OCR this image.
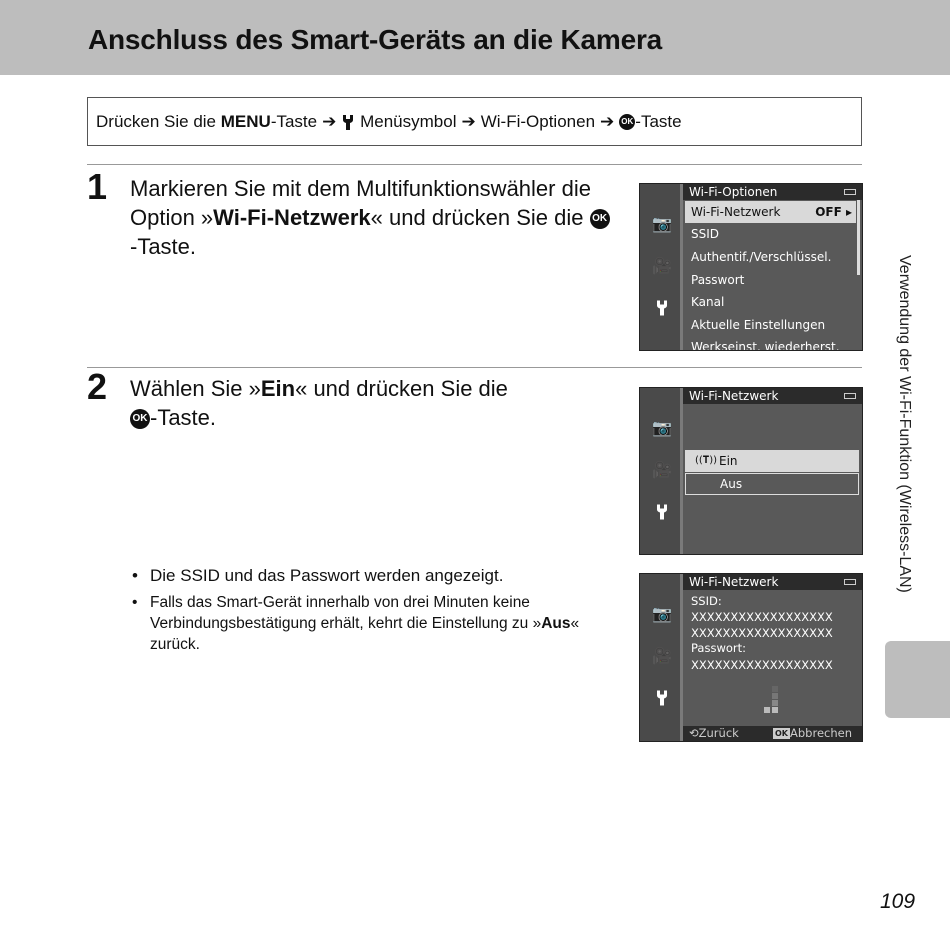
Anschluss des Smart-Geräts an die Kamera
Drücken Sie die
MENU -Taste ➔
Menüsymbol ➔ Wi-Fi-Optionen ➔ OK -Taste
1 Markieren Sie mit dem Multifunktionswähler die Option »Wi-Fi-Netzwerk« und drücken Sie die OK-Taste.
📷
🎥
Wi-Fi-Optionen
Wi-Fi-Netzwerk	OFF ▸
SSID
Authentif./Verschlüssel.
Passwort
Kanal
Aktuelle Einstellungen
Werkseinst. wiederherst.
2 Wählen Sie »Ein« und drücken Sie die
OK -Taste.	📷
🎥
Wi-Fi-Netzwerk
((𝐓)) Ein
Aus
• Die SSID und das Passwort werden angezeigt.
• Falls das Smart-Gerät innerhalb von drei Minuten keine Verbindungsbestätigung erhält, kehrt die Einstellung zu »Aus« zurück.
📷
🎥
Wi-Fi-Netzwerk
SSID:
XXXXXXXXXXXXXXXXXX
XXXXXXXXXXXXXXXXXX
Passwort:
XXXXXXXXXXXXXXXXXX
⟲Zurück	OK Abbrechen
Verwendung der Wi-Fi-Funktion (Wireless-LAN)
109
